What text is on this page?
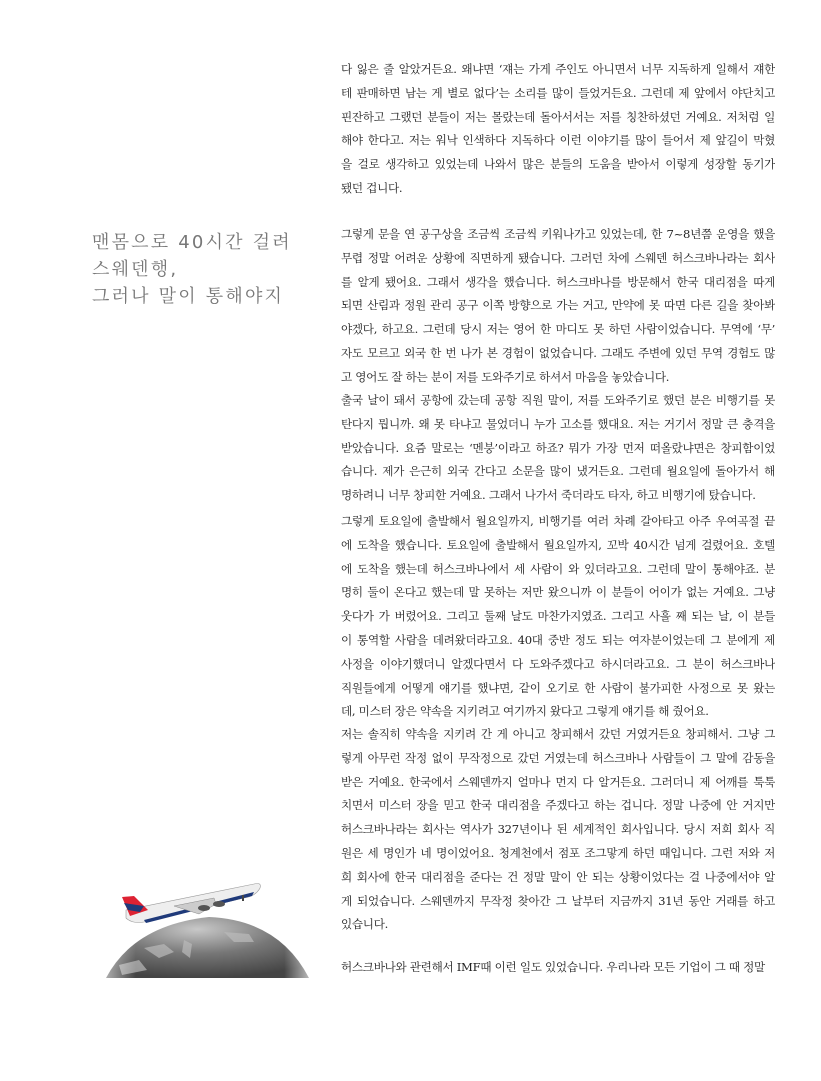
맨몸으로 40시간 걸려
스웨덴행,
그러나 말이 통해야지
다 잃은 줄 알았거든요. 왜냐면 ‘쟤는 가게 주인도 아니면서 너무 지독하게 일해서 쟤한
테 판매하면 남는 게 별로 없다’는 소리를 많이 들었거든요. 그런데 제 앞에서 야단치고
핀잔하고 그랬던 분들이 저는 몰랐는데 돌아서서는 저를 칭찬하셨던 거예요. 저처럼 일
해야 한다고. 저는 워낙 인색하다 지독하다 이런 이야기를 많이 들어서 제 앞길이 막혔
을 걸로 생각하고 있었는데 나와서 많은 분들의 도움을 받아서 이렇게 성장할 동기가
됐던 겁니다.
그렇게 문을 연 공구상을 조금씩 조금씩 키워나가고 있었는데, 한 7~8년쯤 운영을 했을
무렵 정말 어려운 상황에 직면하게 됐습니다. 그러던 차에 스웨덴 허스크바나라는 회사
를 알게 됐어요. 그래서 생각을 했습니다. 허스크바나를 방문해서 한국 대리점을 따게
되면 산림과 정원 관리 공구 이쪽 방향으로 가는 거고, 만약에 못 따면 다른 길을 찾아봐
야겠다, 하고요. 그런데 당시 저는 영어 한 마디도 못 하던 사람이었습니다. 무역에 ‘무’
자도 모르고 외국 한 번 나가 본 경험이 없었습니다. 그래도 주변에 있던 무역 경험도 많
고 영어도 잘 하는 분이 저를 도와주기로 하셔서 마음을 놓았습니다.
출국 날이 돼서 공항에 갔는데 공항 직원 말이, 저를 도와주기로 했던 분은 비행기를 못
탄다지 뭡니까. 왜 못 타냐고 물었더니 누가 고소를 했대요. 저는 거기서 정말 큰 충격을
받았습니다. 요즘 말로는 ‘멘붕’이라고 하죠? 뭐가 가장 먼저 떠올랐냐면은 창피함이었
습니다. 제가 은근히 외국 간다고 소문을 많이 냈거든요. 그런데 월요일에 돌아가서 해
명하려니 너무 창피한 거예요. 그래서 나가서 죽더라도 타자, 하고 비행기에 탔습니다.
그렇게 토요일에 출발해서 월요일까지, 비행기를 여러 차례 갈아타고 아주 우여곡절 끝
에 도착을 했습니다. 토요일에 출발해서 월요일까지, 꼬박 40시간 넘게 걸렸어요. 호텔
에 도착을 했는데 허스크바나에서 세 사람이 와 있더라고요. 그런데 말이 통해야죠. 분
명히 둘이 온다고 했는데 말 못하는 저만 왔으니까 이 분들이 어이가 없는 거예요. 그냥
웃다가 가 버렸어요. 그리고 둘째 날도 마찬가지였죠. 그리고 사흘 째 되는 날, 이 분들
이 통역할 사람을 데려왔더라고요. 40대 중반 정도 되는 여자분이었는데 그 분에게 제
사정을 이야기했더니 알겠다면서 다 도와주겠다고 하시더라고요. 그 분이 허스크바나
직원들에게 어떻게 얘기를 했냐면, 같이 오기로 한 사람이 불가피한 사정으로 못 왔는
데, 미스터 장은 약속을 지키려고 여기까지 왔다고 그렇게 얘기를 해 줬어요.
저는 솔직히 약속을 지키려 간 게 아니고 창피해서 갔던 거였거든요 창피해서. 그냥 그
렇게 아무런 작정 없이 무작정으로 갔던 거였는데 허스크바나 사람들이 그 말에 감동을
받은 거예요. 한국에서 스웨덴까지 얼마나 먼지 다 알거든요. 그러더니 제 어깨를 툭툭
치면서 미스터 장을 믿고 한국 대리점을 주겠다고 하는 겁니다. 정말 나중에 안 거지만
허스크바나라는 회사는 역사가 327년이나 된 세계적인 회사입니다. 당시 저희 회사 직
원은 세 명인가 네 명이었어요. 청계천에서 점포 조그맣게 하던 때입니다. 그런 저와 저
희 회사에 한국 대리점을 준다는 건 정말 말이 안 되는 상황이었다는 걸 나중에서야 알
게 되었습니다. 스웨덴까지 무작정 찾아간 그 날부터 지금까지 31년 동안 거래를 하고
있습니다.
허스크바나와 관련해서 IMF때 이런 일도 있었습니다. 우리나라 모든 기업이 그 때 정말
